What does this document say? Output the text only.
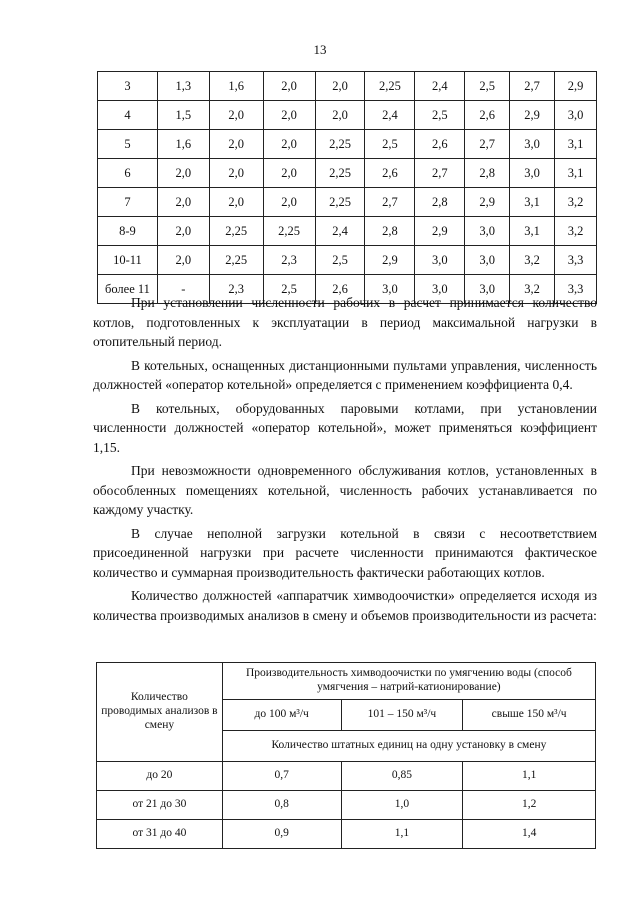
13
3	1,3	1,6	2,0	2,0	2,25	2,4	2,5	2,7	2,9
4	1,5	2,0	2,0	2,0	2,4	2,5	2,6	2,9	3,0
5	1,6	2,0	2,0	2,25	2,5	2,6	2,7	3,0	3,1
6	2,0	2,0	2,0	2,25	2,6	2,7	2,8	3,0	3,1
7	2,0	2,0	2,0	2,25	2,7	2,8	2,9	3,1	3,2
8-9	2,0	2,25	2,25	2,4	2,8	2,9	3,0	3,1	3,2
10-11	2,0	2,25	2,3	2,5	2,9	3,0	3,0	3,2	3,3
более 11	-	2,3	2,5	2,6	3,0	3,0	3,0	3,2	3,3

При установлении численности рабочих в расчет принимается количество котлов, подготовленных к эксплуатации в период максимальной нагрузки в отопительный период.

В котельных, оснащенных дистанционными пультами управления, численность должностей «оператор котельной» определяется с применением коэффициента 0,4.

В котельных, оборудованных паровыми котлами, при установлении численности должностей «оператор котельной», может применяться коэффициент 1,15.

При невозможности одновременного обслуживания котлов, установленных в обособленных помещениях котельной, численность рабочих устанавливается по каждому участку.

В случае неполной загрузки котельной в связи с несоответствием присоединенной нагрузки при расчете численности принимаются фактическое количество и суммарная производительность фактически работающих котлов.

Количество должностей «аппаратчик химводоочистки» определяется исходя из количества производимых анализов в смену и объемов производительности из расчета:

Количество проводимых анализов в смену	Производительность химводоочистки по умягчению воды (способ умягчения – натрий-катионирование)		
	до 100 м³/ч	101 – 150 м³/ч	свыше 150 м³/ч
	Количество штатных единиц на одну установку в смену		
до 20	0,7	0,85	1,1
от 21 до 30	0,8	1,0	1,2
от 31 до 40	0,9	1,1	1,4
